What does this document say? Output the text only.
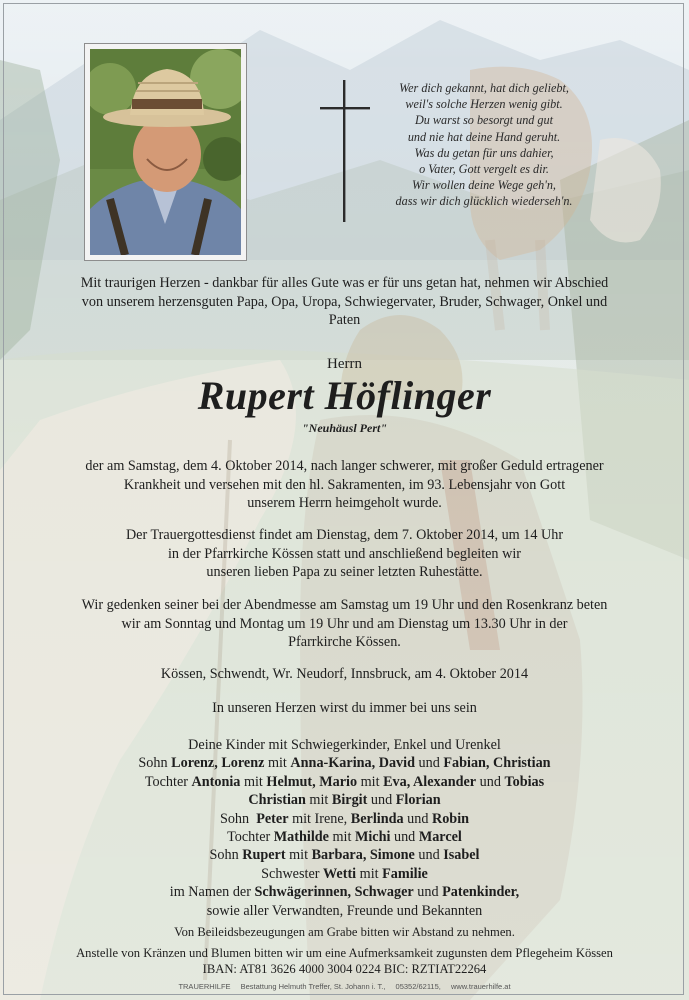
Wer dich gekannt, hat dich geliebt,
weil's solche Herzen wenig gibt.
Du warst so besorgt und gut
und nie hat deine Hand geruht.
Was du getan für uns dahier,
o Vater, Gott vergelt es dir.
Wir wollen deine Wege geh'n,
dass wir dich glücklich wiederseh'n.
Mit traurigen Herzen - dankbar für alles Gute was er für uns getan hat, nehmen wir Abschied
von unserem herzensguten Papa, Opa, Uropa, Schwiegervater, Bruder, Schwager, Onkel und
Paten
Herrn
Rupert Höflinger
"Neuhäusl Pert"
der am Samstag, dem 4. Oktober 2014, nach langer schwerer, mit großer Geduld ertragener
Krankheit und versehen mit den hl. Sakramenten, im 93. Lebensjahr von Gott
unserem Herrn heimgeholt wurde.
Der Trauergottesdienst findet am Dienstag, dem 7. Oktober 2014, um 14 Uhr
in der Pfarrkirche Kössen statt und anschließend begleiten wir
unseren lieben Papa zu seiner letzten Ruhestätte.
Wir gedenken seiner bei der Abendmesse am Samstag um 19 Uhr und den Rosenkranz beten
wir am Sonntag und Montag um 19 Uhr und am Dienstag um 13.30 Uhr in der
Pfarrkirche Kössen.
Kössen, Schwendt, Wr. Neudorf, Innsbruck, am 4. Oktober 2014
In unseren Herzen wirst du immer bei uns sein
Deine Kinder mit Schwiegerkinder, Enkel und Urenkel
Sohn Lorenz, Lorenz mit Anna-Karina, David und Fabian, Christian
Tochter Antonia mit Helmut, Mario mit Eva, Alexander und Tobias
Christian mit Birgit und Florian
Sohn  Peter mit Irene, Berlinda und Robin
Tochter Mathilde mit Michi und Marcel
Sohn Rupert mit Barbara, Simone und Isabel
Schwester Wetti mit Familie
im Namen der Schwägerinnen, Schwager und Patenkinder,
sowie aller Verwandten, Freunde und Bekannten
Von Beileidsbezeugungen am Grabe bitten wir Abstand zu nehmen.
Anstelle von Kränzen und Blumen bitten wir um eine Aufmerksamkeit zugunsten dem Pflegeheim Kössen
IBAN: AT81 3626 4000 3004 0224 BIC: RZTIAT22264
TRAUERHILFE Bestattung Helmuth Treffer, St. Johann i. T., 05352/62115, www.trauerhilfe.at
